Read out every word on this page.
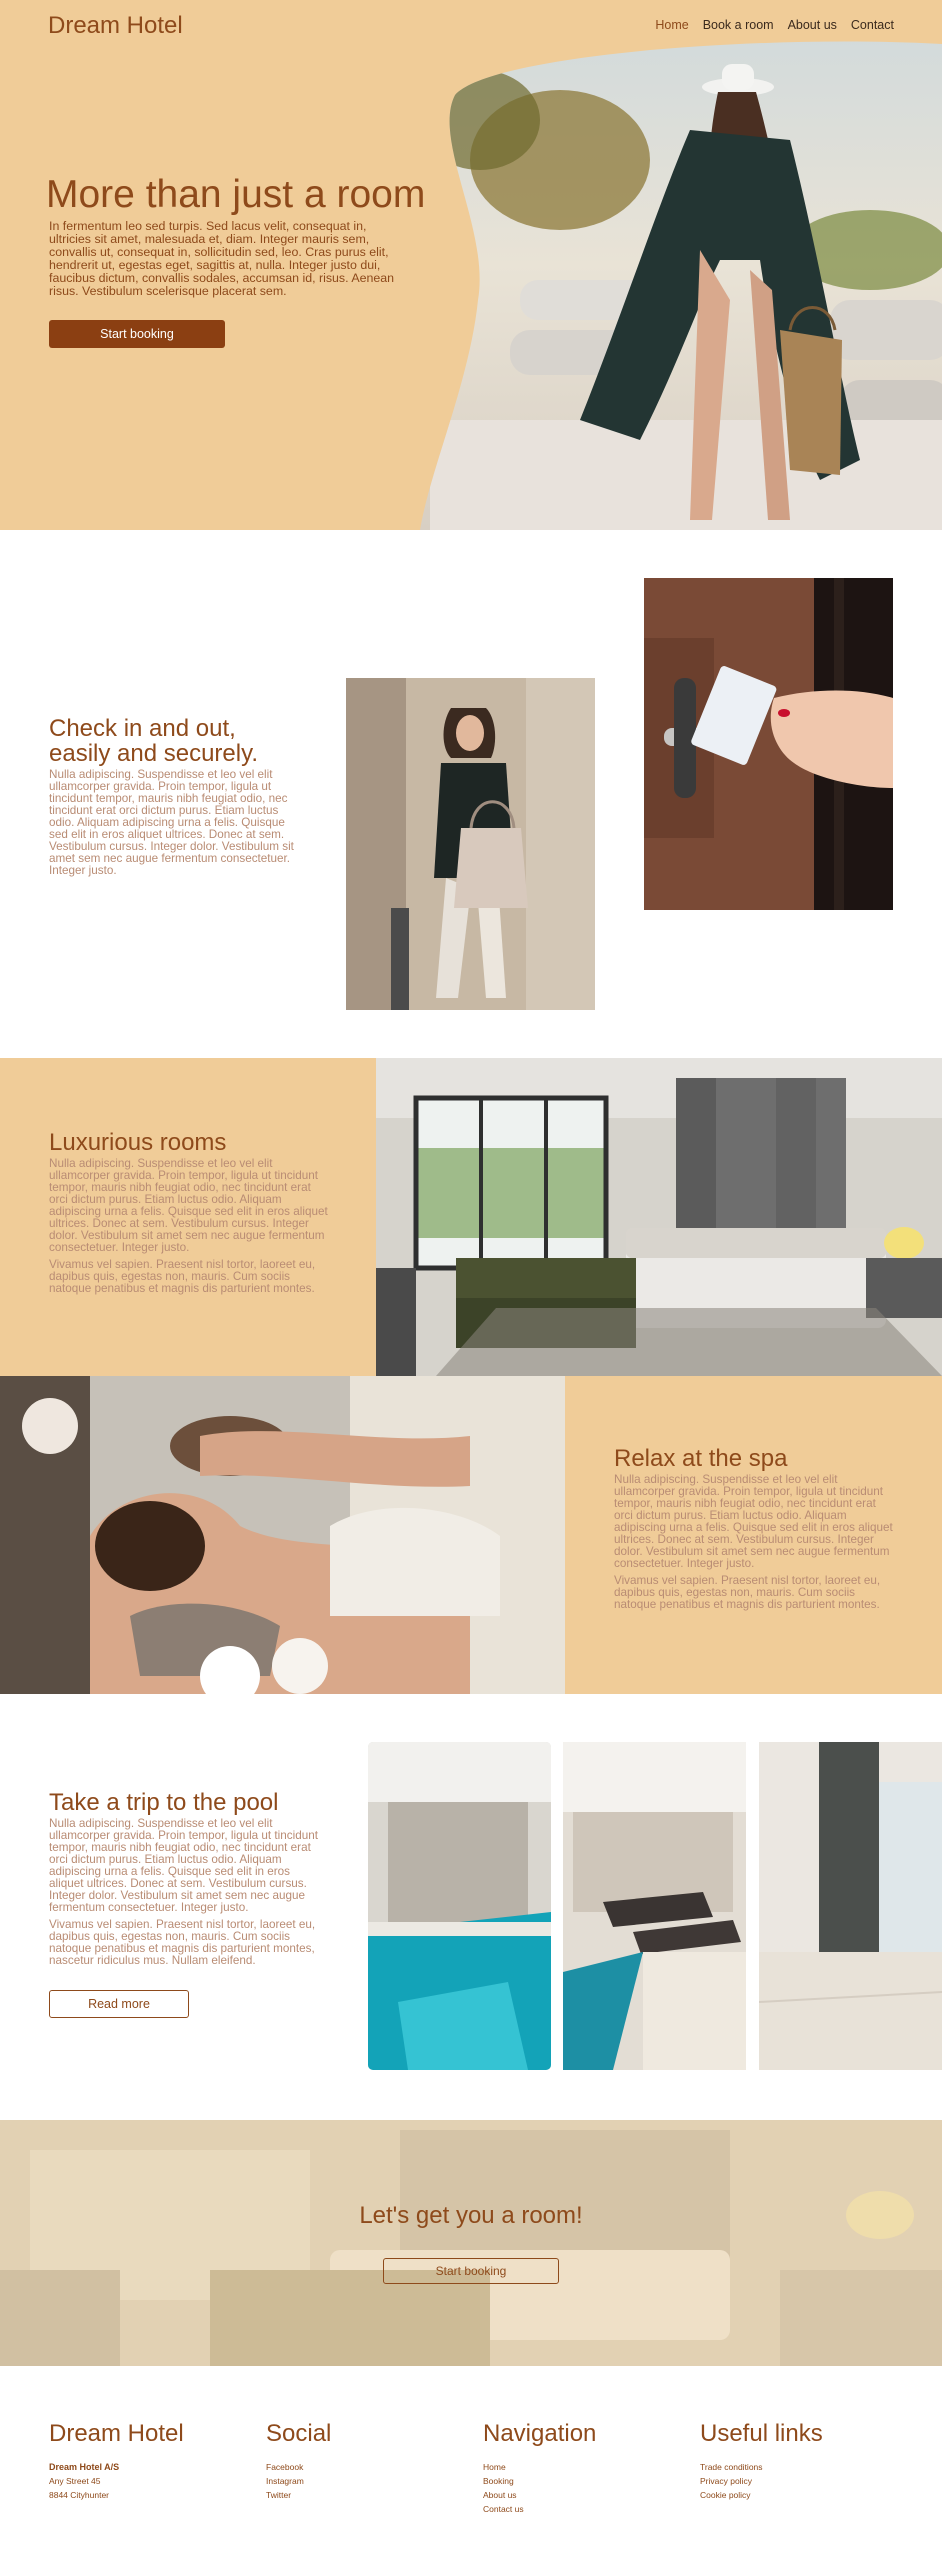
Dream Hotel	Home Book a room About us Contact
More than just a room

In fermentum leo sed turpis. Sed lacus velit, consequat in, ultricies sit amet, malesuada et, diam. Integer mauris sem, convallis ut, consequat in, sollicitudin sed, leo. Cras purus elit, hendrerit ut, egestas eget, sagittis at, nulla. Integer justo dui, faucibus dictum, convallis sodales, accumsan id, risus. Aenean risus. Vestibulum scelerisque placerat sem.

Start booking
Check in and out,
easily and securely.

Nulla adipiscing. Suspendisse et leo vel elit ullamcorper gravida. Proin tempor, ligula ut tincidunt tempor, mauris nibh feugiat odio, nec tincidunt erat orci dictum purus. Etiam luctus odio. Aliquam adipiscing urna a felis. Quisque sed elit in eros aliquet ultrices. Donec at sem. Vestibulum cursus. Integer dolor. Vestibulum sit amet sem nec augue fermentum consectetuer. Integer justo.

Luxurious rooms

Nulla adipiscing. Suspendisse et leo vel elit ullamcorper gravida. Proin tempor, ligula ut tincidunt tempor, mauris nibh feugiat odio, nec tincidunt erat orci dictum purus. Etiam luctus odio. Aliquam adipiscing urna a felis. Quisque sed elit in eros aliquet ultrices. Donec at sem. Vestibulum cursus. Integer dolor. Vestibulum sit amet sem nec augue fermentum consectetuer. Integer justo.

Vivamus vel sapien. Praesent nisl tortor, laoreet eu, dapibus quis, egestas non, mauris. Cum sociis natoque penatibus et magnis dis parturient montes.

Relax at the spa

Nulla adipiscing. Suspendisse et leo vel elit ullamcorper gravida. Proin tempor, ligula ut tincidunt tempor, mauris nibh feugiat odio, nec tincidunt erat orci dictum purus. Etiam luctus odio. Aliquam adipiscing urna a felis. Quisque sed elit in eros aliquet ultrices. Donec at sem. Vestibulum cursus. Integer dolor. Vestibulum sit amet sem nec augue fermentum consectetuer. Integer justo.

Vivamus vel sapien. Praesent nisl tortor, laoreet eu, dapibus quis, egestas non, mauris. Cum sociis natoque penatibus et magnis dis parturient montes.

Take a trip to the pool

Nulla adipiscing. Suspendisse et leo vel elit ullamcorper gravida. Proin tempor, ligula ut tincidunt tempor, mauris nibh feugiat odio, nec tincidunt erat orci dictum purus. Etiam luctus odio. Aliquam adipiscing urna a felis. Quisque sed elit in eros aliquet ultrices. Donec at sem. Vestibulum cursus. Integer dolor. Vestibulum sit amet sem nec augue fermentum consectetuer. Integer justo.

Vivamus vel sapien. Praesent nisl tortor, laoreet eu, dapibus quis, egestas non, mauris. Cum sociis natoque penatibus et magnis dis parturient montes, nascetur ridiculus mus. Nullam eleifend.

Read more
Let's get you a room!
Start booking
Dream Hotel
Dream Hotel A/S
Any Street 45
8844 Cityhunter
Social
Facebook
Instagram
Twitter
Navigation
Home
Booking
About us
Contact us
Useful links
Trade conditions
Privacy policy
Cookie policy
